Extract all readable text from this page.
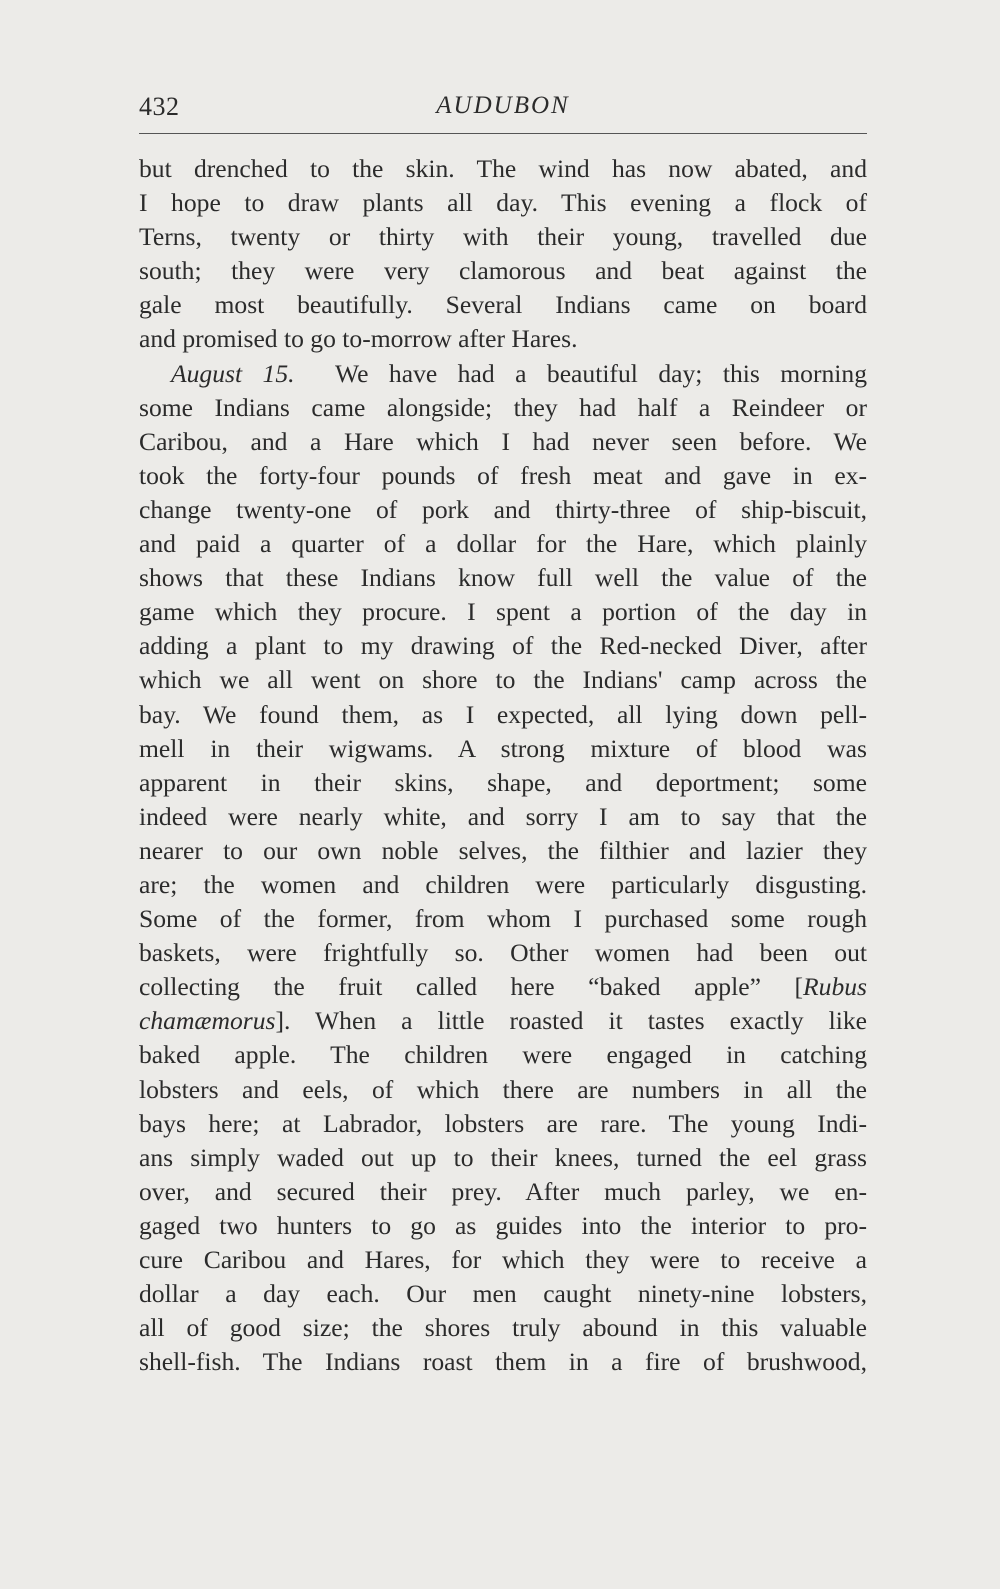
432	AUDUBON
but drenched to the skin. The wind has now abated, and
I hope to draw plants all day. This evening a flock of
Terns, twenty or thirty with their young, travelled due
south; they were very clamorous and beat against the
gale most beautifully. Several Indians came on board
and promised to go to-morrow after Hares.
August 15. We have had a beautiful day; this morning
some Indians came alongside; they had half a Reindeer or
Caribou, and a Hare which I had never seen before. We
took the forty-four pounds of fresh meat and gave in ex-
change twenty-one of pork and thirty-three of ship-biscuit,
and paid a quarter of a dollar for the Hare, which plainly
shows that these Indians know full well the value of the
game which they procure. I spent a portion of the day in
adding a plant to my drawing of the Red-necked Diver, after
which we all went on shore to the Indians' camp across the
bay. We found them, as I expected, all lying down pell-
mell in their wigwams. A strong mixture of blood was
apparent in their skins, shape, and deportment; some
indeed were nearly white, and sorry I am to say that the
nearer to our own noble selves, the filthier and lazier they
are; the women and children were particularly disgusting.
Some of the former, from whom I purchased some rough
baskets, were frightfully so. Other women had been out
collecting the fruit called here “baked apple” [Rubus
chamæmorus]. When a little roasted it tastes exactly like
baked apple. The children were engaged in catching
lobsters and eels, of which there are numbers in all the
bays here; at Labrador, lobsters are rare. The young Indi-
ans simply waded out up to their knees, turned the eel grass
over, and secured their prey. After much parley, we en-
gaged two hunters to go as guides into the interior to pro-
cure Caribou and Hares, for which they were to receive a
dollar a day each. Our men caught ninety-nine lobsters,
all of good size; the shores truly abound in this valuable
shell-fish. The Indians roast them in a fire of brushwood,
